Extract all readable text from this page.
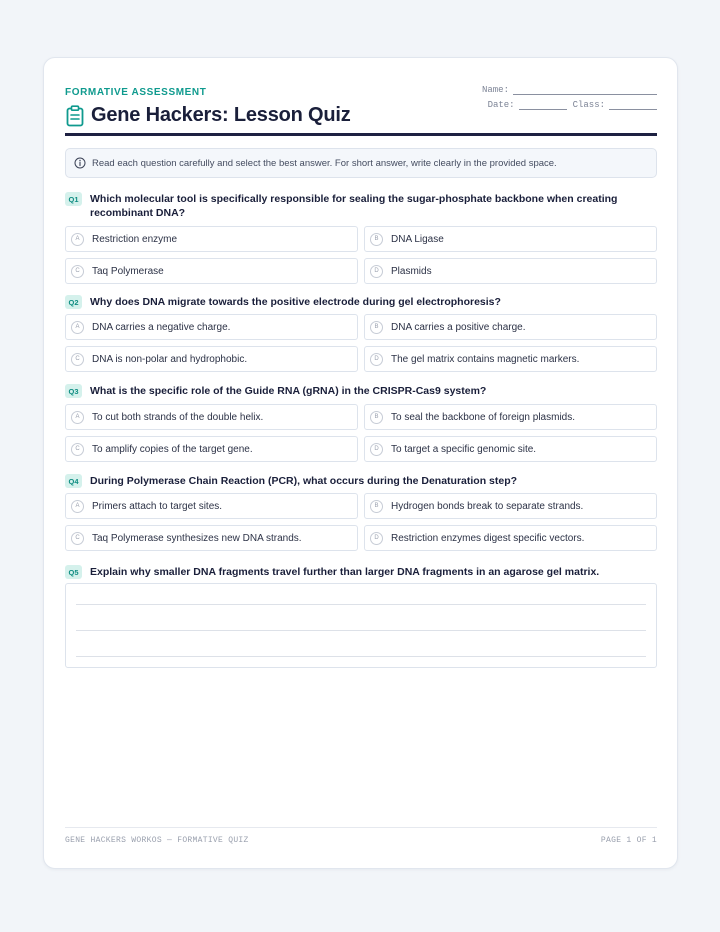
FORMATIVE ASSESSMENT
Gene Hackers: Lesson Quiz
Name:
Date:	Class:
Read each question carefully and select the best answer. For short answer, write clearly in the provided space.
Q1	Which molecular tool is specifically responsible for sealing the sugar-phosphate backbone when creating recombinant DNA?
A	Restriction enzyme	B	DNA Ligase
C	Taq Polymerase	D	Plasmids
Q2	Why does DNA migrate towards the positive electrode during gel electrophoresis?
A	DNA carries a negative charge.	B	DNA carries a positive charge.
C	DNA is non-polar and hydrophobic.	D	The gel matrix contains magnetic markers.
Q3	What is the specific role of the Guide RNA (gRNA) in the CRISPR-Cas9 system?
A	To cut both strands of the double helix.	B	To seal the backbone of foreign plasmids.
C	To amplify copies of the target gene.	D	To target a specific genomic site.
Q4	During Polymerase Chain Reaction (PCR), what occurs during the Denaturation step?
A	Primers attach to target sites.	B	Hydrogen bonds break to separate strands.
C	Taq Polymerase synthesizes new DNA strands.	D	Restriction enzymes digest specific vectors.
Q5	Explain why smaller DNA fragments travel further than larger DNA fragments in an agarose gel matrix.
GENE HACKERS WORKOS — FORMATIVE QUIZ	PAGE 1 OF 1
